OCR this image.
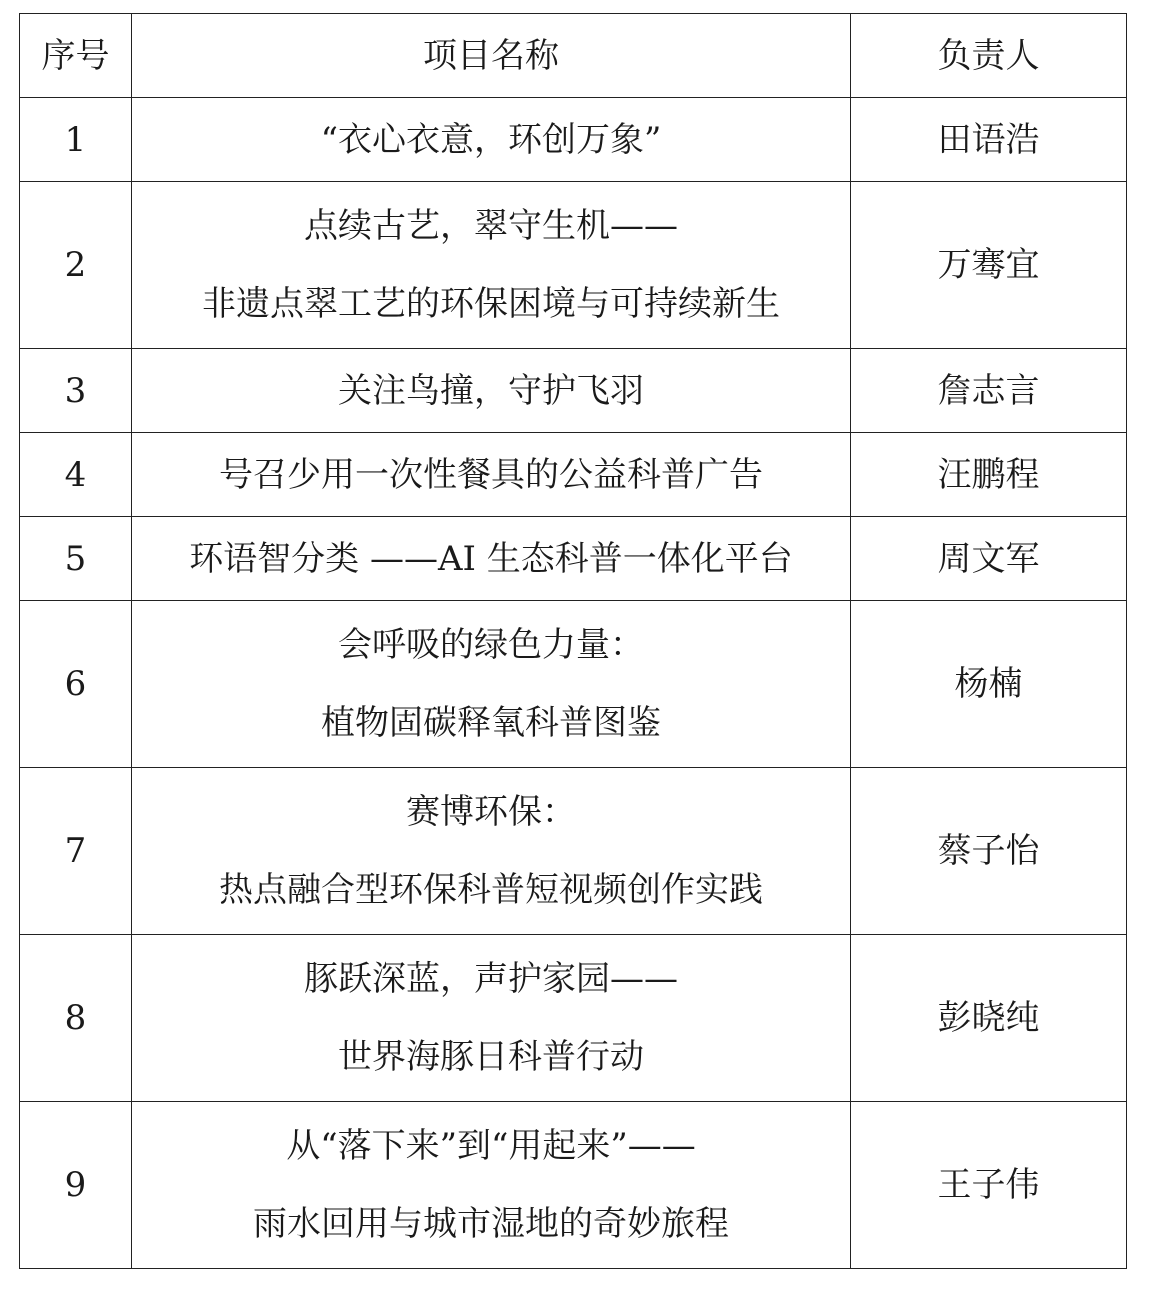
序号	项目名称	负责人
1	“衣心衣意，环创万象”	田语浩
2	点续古艺，翠守生机——
非遗点翠工艺的环保困境与可持续新生	万骞宜
3	关注鸟撞，守护飞羽	詹志言
4	号召少用一次性餐具的公益科普广告	汪鹏程
5	环语智分类 ——AI 生态科普一体化平台	周文军
6	会呼吸的绿色力量：
植物固碳释氧科普图鉴	杨楠
7	赛博环保：
热点融合型环保科普短视频创作实践	蔡子怡
8	豚跃深蓝，声护家园——
世界海豚日科普行动	彭晓纯
9	从“落下来”到“用起来”——
雨水回用与城市湿地的奇妙旅程	王子伟
